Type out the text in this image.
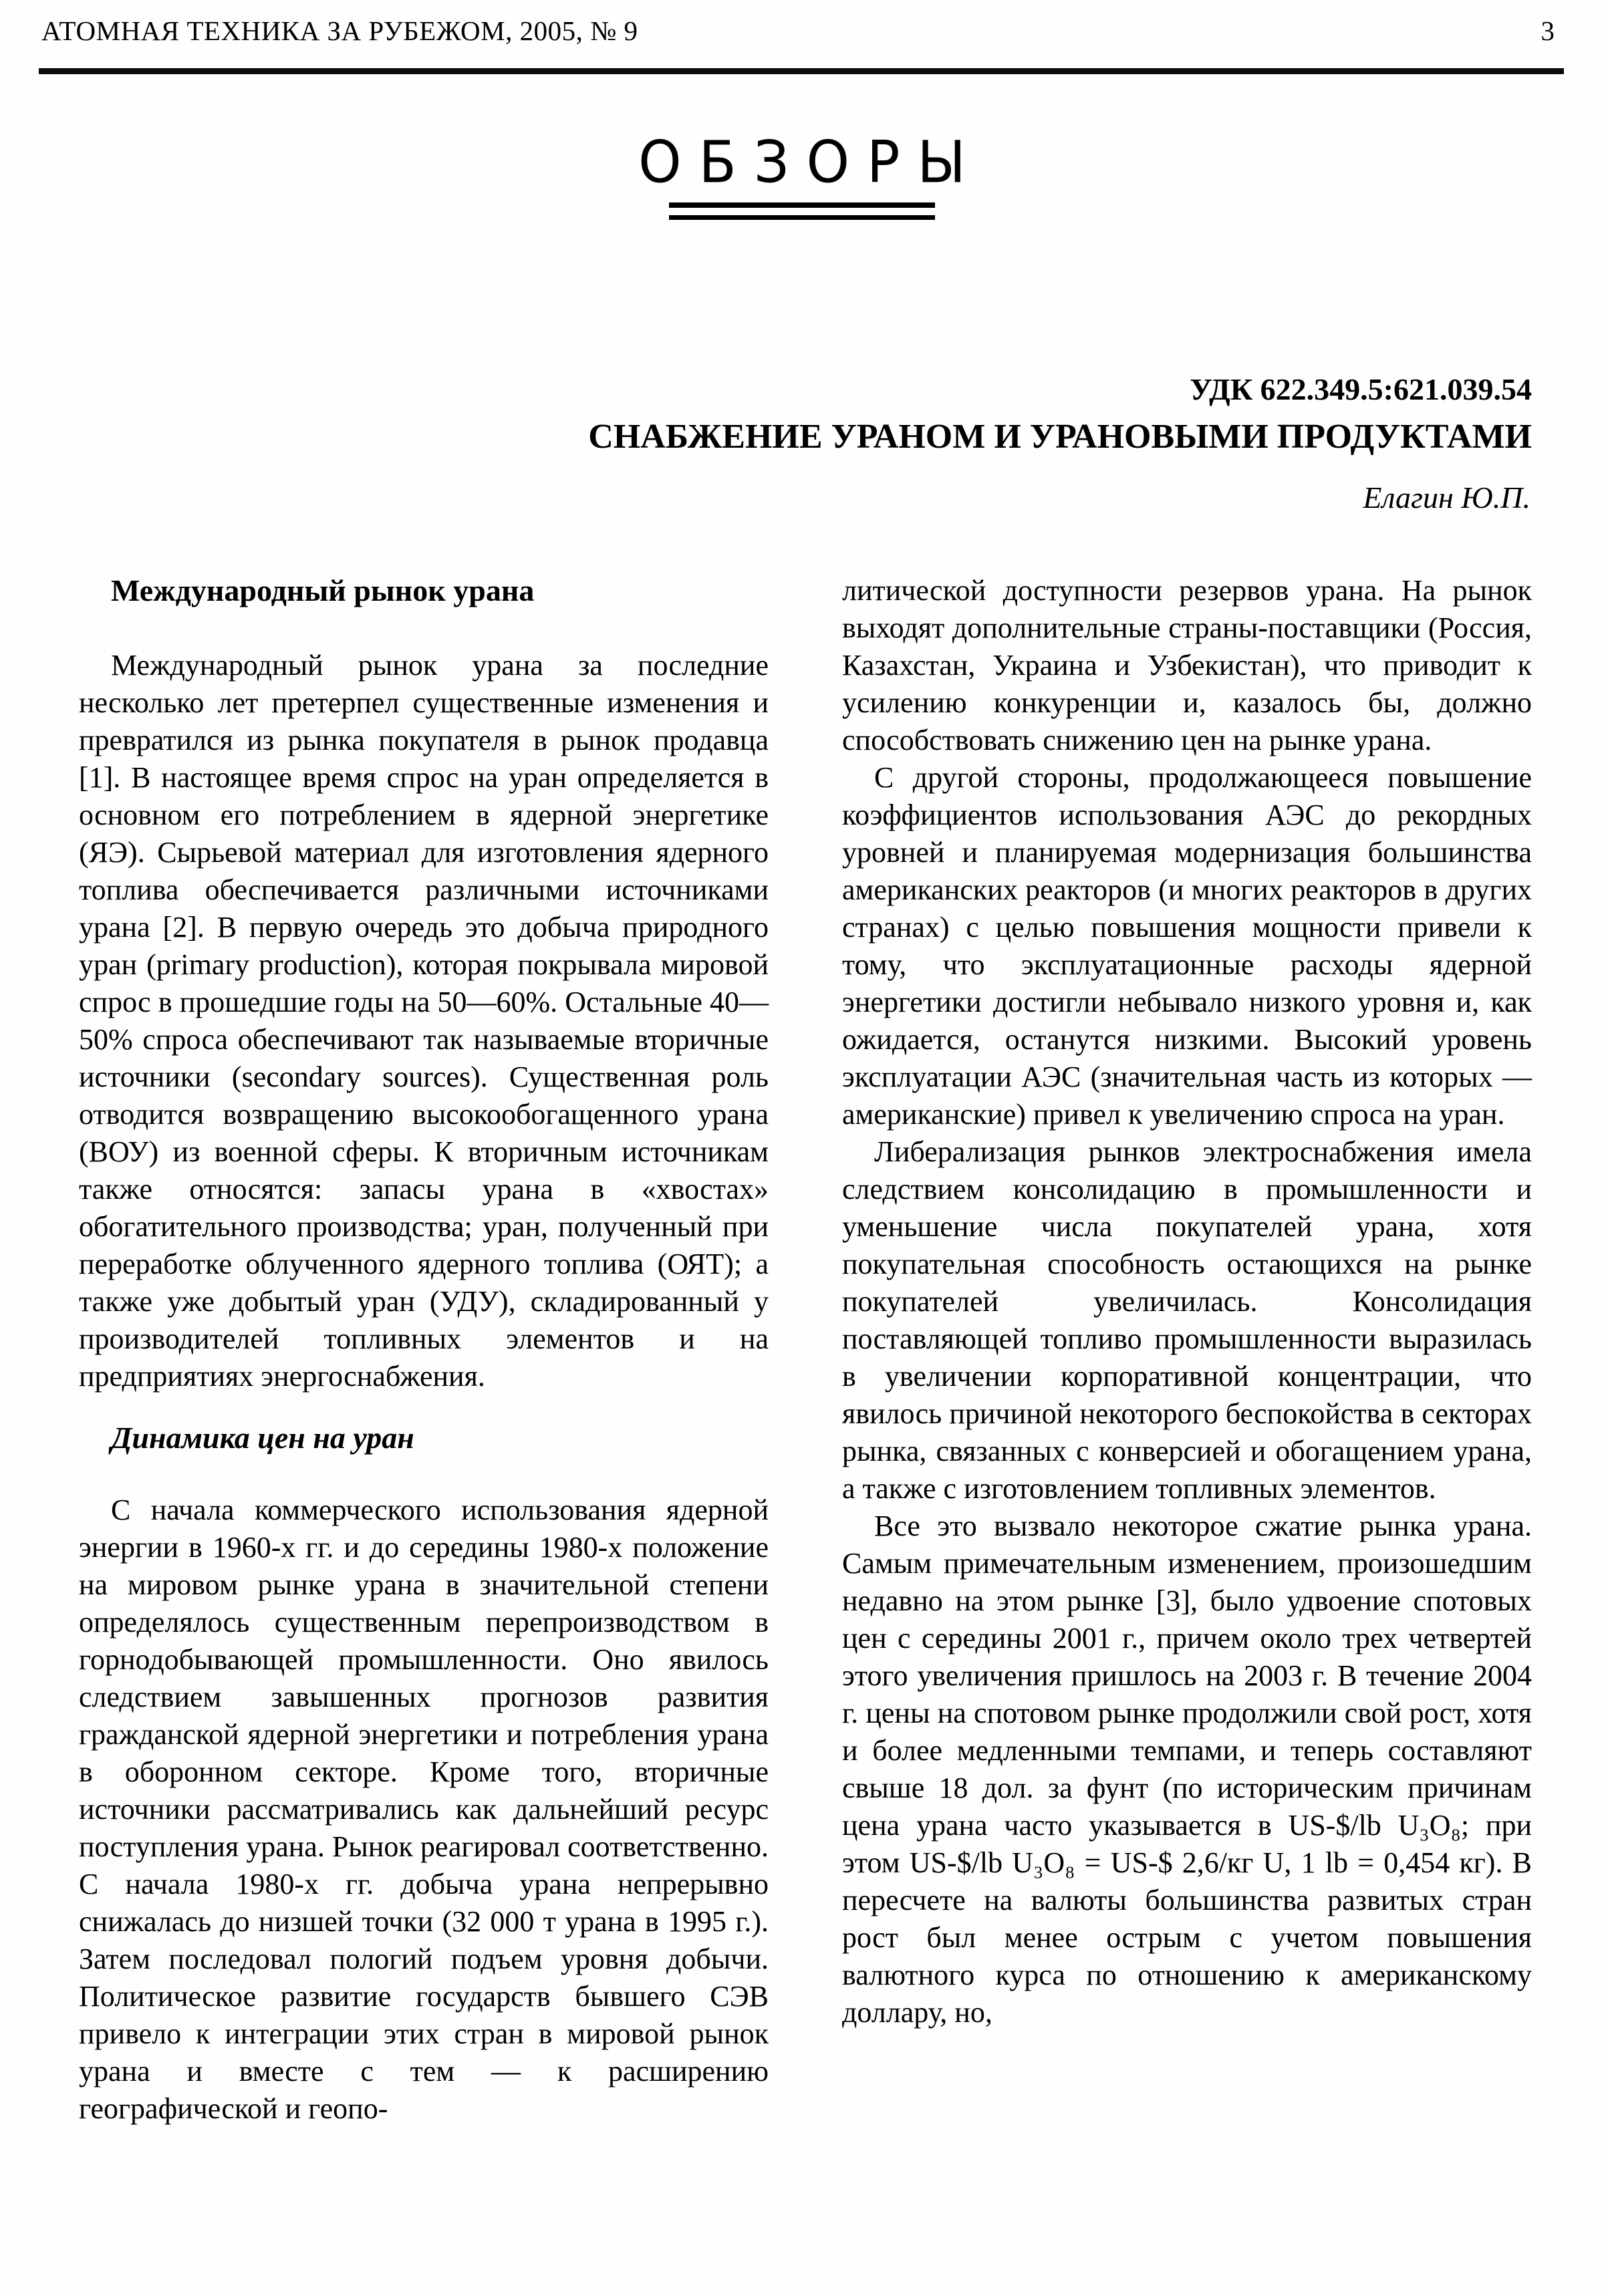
АТОМНАЯ ТЕХНИКА ЗА РУБЕЖОМ, 2005, № 9	3
ОБЗОРЫ
УДК 622.349.5:621.039.54
СНАБЖЕНИЕ УРАНОМ И УРАНОВЫМИ ПРОДУКТАМИ
Елагин Ю.П.
Международный рынок урана

Международный рынок урана за последние несколько лет претерпел существенные изменения и превратился из рынка покупателя в рынок продавца [1]. В настоящее время спрос на уран определяется в основном его потреблением в ядерной энергетике (ЯЭ). Сырьевой материал для изготовления ядерного топлива обеспечивается различными источниками урана [2]. В первую очередь это добыча природного уран (primary production), которая покрывала мировой спрос в прошедшие годы на 50—60%. Остальные 40—50% спроса обеспечивают так называемые вторичные источники (secondary sources). Существенная роль отводится возвращению высокообогащенного урана (ВОУ) из военной сферы. К вторичным источникам также относятся: запасы урана в «хвостах» обогатительного производства; уран, полученный при переработке облученного ядерного топлива (ОЯТ); а также уже добытый уран (УДУ), складированный у производителей топливных элементов и на предприятиях энергоснабжения.

Динамика цен на уран

С начала коммерческого использования ядерной энергии в 1960-х гг. и до середины 1980-х положение на мировом рынке урана в значительной степени определялось существенным перепроизводством в горнодобывающей промышленности. Оно явилось следствием завышенных прогнозов развития гражданской ядерной энергетики и потребления урана в оборонном секторе. Кроме того, вторичные источники рассматривались как дальнейший ресурс поступления урана. Рынок реагировал соответственно. С начала 1980-х гг. добыча урана непрерывно снижалась до низшей точки (32 000 т урана в 1995 г.). Затем последовал пологий подъем уровня добычи. Политическое развитие государств бывшего СЭВ привело к интеграции этих стран в мировой рынок урана и вместе с тем — к расширению географической и геопо-

литической доступности резервов урана. На рынок выходят дополнительные страны-поставщики (Россия, Казахстан, Украина и Узбекистан), что приводит к усилению конкуренции и, казалось бы, должно способствовать снижению цен на рынке урана.

С другой стороны, продолжающееся повышение коэффициентов использования АЭС до рекордных уровней и планируемая модернизация большинства американских реакторов (и многих реакторов в других странах) с целью повышения мощности привели к тому, что эксплуатационные расходы ядерной энергетики достигли небывало низкого уровня и, как ожидается, останутся низкими. Высокий уровень эксплуатации АЭС (значительная часть из которых — американские) привел к увеличению спроса на уран.

Либерализация рынков электроснабжения имела следствием консолидацию в промышленности и уменьшение числа покупателей урана, хотя покупательная способность остающихся на рынке покупателей увеличилась. Консолидация поставляющей топливо промышленности выразилась в увеличении корпоративной концентрации, что явилось причиной некоторого беспокойства в секторах рынка, связанных с конверсией и обогащением урана, а также с изготовлением топливных элементов.

Все это вызвало некоторое сжатие рынка урана. Самым примечательным изменением, произошедшим недавно на этом рынке [3], было удвоение спотовых цен с середины 2001 г., причем около трех четвертей этого увеличения пришлось на 2003 г. В течение 2004 г. цены на спотовом рынке продолжили свой рост, хотя и более медленными темпами, и теперь составляют свыше 18 дол. за фунт (по историческим причинам цена урана часто указывается в US-$/lb U₃O₈; при этом US-$/lb U₃O₈ = US-$ 2,6/кг U, 1 lb = 0,454 кг). В пересчете на валюты большинства развитых стран рост был менее острым с учетом повышения валютного курса по отношению к американскому доллару, но,
